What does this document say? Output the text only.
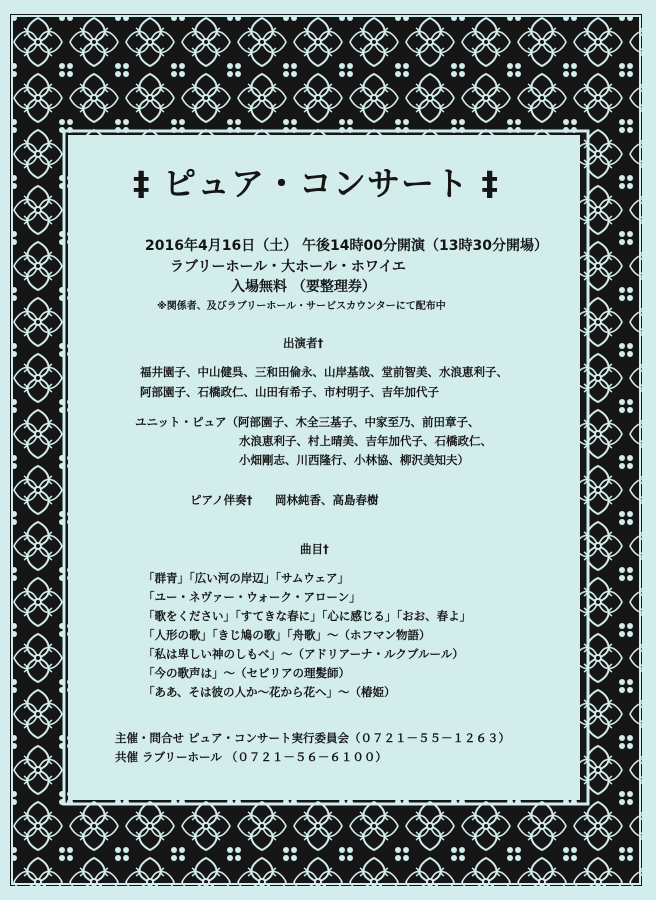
‡ ピュア・コンサート ‡
2016年4月16日（土） 午後14時00分開演（13時30分開場）
ラブリーホール・大ホール・ホワイエ
入場無料 （要整理券）
※関係者、及びラブリーホール・サービスカウンターにて配布中
出演者†
福井園子、中山健呉、三和田倫永、山岸基哉、堂前智美、水浪恵利子、
阿部園子、石橋政仁、山田有希子、市村明子、吉年加代子
ユニット・ピュア（阿部園子、木全三基子、中家至乃、前田章子、
水浪恵利子、村上晴美、吉年加代子、石橋政仁、
小畑剛志、川西隆行、小林協、柳沢美知夫）
ピアノ伴奏† 岡林純香、高島春樹
曲目†
「群青」「広い河の岸辺」「サムウェア」
「ユー・ネヴァー・ウォーク・アローン」
「歌をください」「すてきな春に」「心に感じる」「おお、春よ」
「人形の歌」「きじ鳩の歌」「舟歌」～（ホフマン物語）
「私は卑しい神のしもべ」～（アドリアーナ・ルクブルール）
「今の歌声は」～（セビリアの理髪師）
「ああ、そは彼の人か～花から花へ」～（椿姫）
主催・問合せ ピュア・コンサート実行委員会（０７２１－５５－１２６３）
共催 ラブリーホール （０７２１－５６－６１００）
